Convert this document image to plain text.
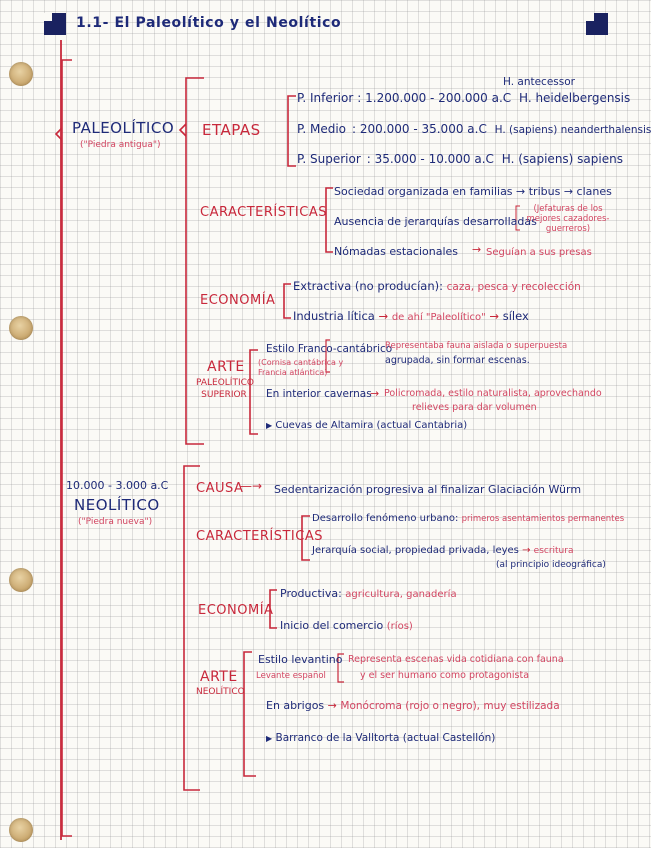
1.1- El Paleolítico y el Neolítico
PALEOLÍTICO
("Piedra antigua")
ETAPAS
H. antecessor
P. Inferior : 1.200.000 - 200.000 a.C H. heidelbergensis
P. Medio : 200.000 - 35.000 a.C H. (sapiens) neanderthalensis
P. Superior : 35.000 - 10.000 a.C H. (sapiens) sapiens
CARACTERÍSTICAS
Sociedad organizada en familias → tribus → clanes
Ausencia de jerarquías desarrolladas
(Jefaturas de los mejores cazadores-guerreros)
Nómadas estacionales → Seguían a sus presas
ECONOMÍA
Extractiva (no producían): caza, pesca y recolección
Industria lítica → de ahí "Paleolítico" → sílex
ARTE
PALEOLÍTICO SUPERIOR
Estilo Franco-cantábrico
(Cornisa cantábrica y Francia atlántica)
Representaba fauna aislada o superpuesta
agrupada, sin formar escenas.
En interior cavernas
→ Policromada, estilo naturalista, aprovechando
relieves para dar volumen
▶ Cuevas de Altamira (actual Cantabria)
10.000 - 3.000 a.C
NEOLÍTICO
("Piedra nueva")
CAUSA
—→ Sedentarización progresiva al finalizar Glaciación Würm
CARACTERÍSTICAS
Desarrollo fenómeno urbano: primeros asentamientos permanentes
Jerarquía social, propiedad privada, leyes → escritura
(al principio ideográfica)
ECONOMÍA
Productiva: agricultura, ganadería
Inicio del comercio (ríos)
ARTE
NEOLÍTICO
Estilo levantino
Levante español
Representa escenas vida cotidiana con fauna
y el ser humano como protagonista
En abrigos → Monócroma (rojo o negro), muy estilizada
▶ Barranco de la Valltorta (actual Castellón)
